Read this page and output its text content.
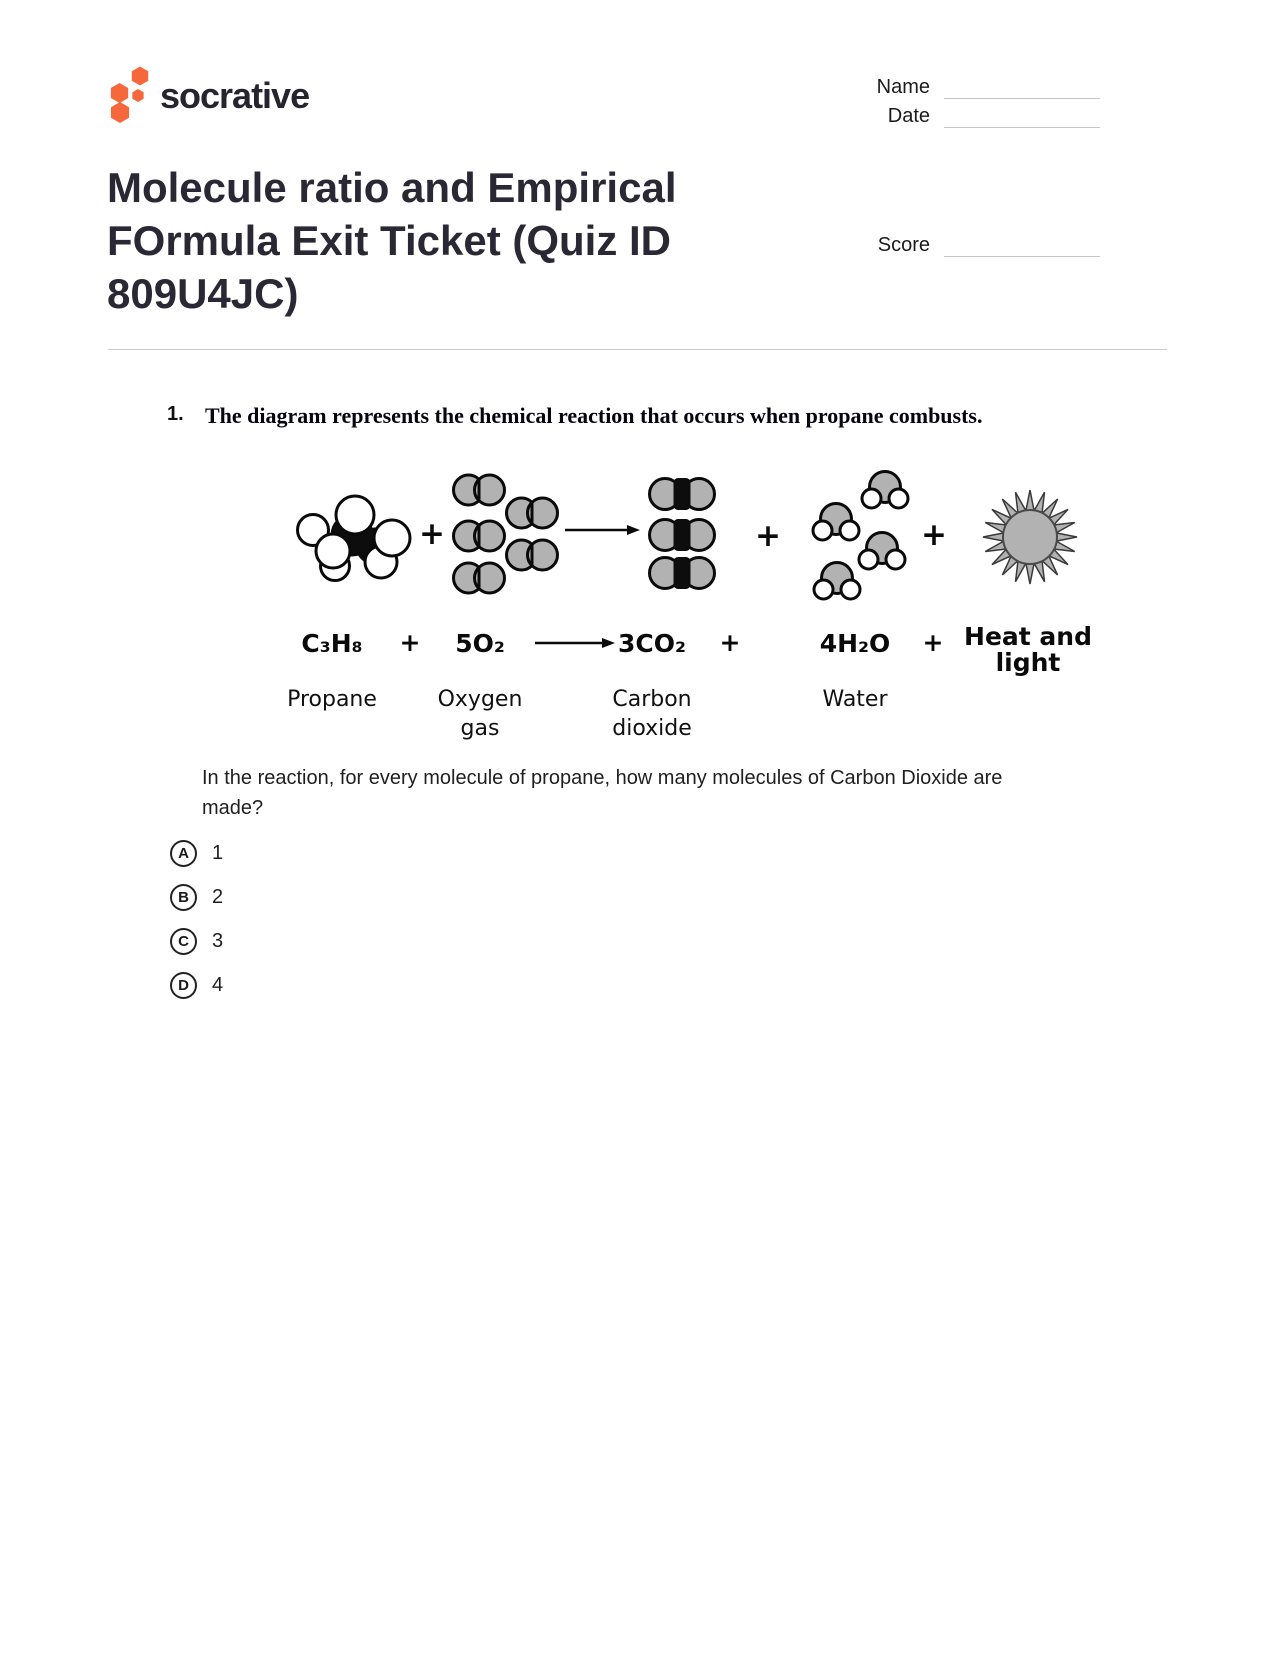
socrative	Name
Date
Score
Molecule ratio and Empirical FOrmula Exit Ticket (Quiz ID 809U4JC)
1. The diagram represents the chemical reaction that occurs when propane combusts.
+	+	+
C₃H₈ + 5O₂	3CO₂ +	4H₂O + Heat and
light
Propane	Oxygen
gas
Carbon
dioxide
Water
In the reaction, for every molecule of propane, how many molecules of Carbon Dioxide are made?
A	1
B	2
C	3
D	4
